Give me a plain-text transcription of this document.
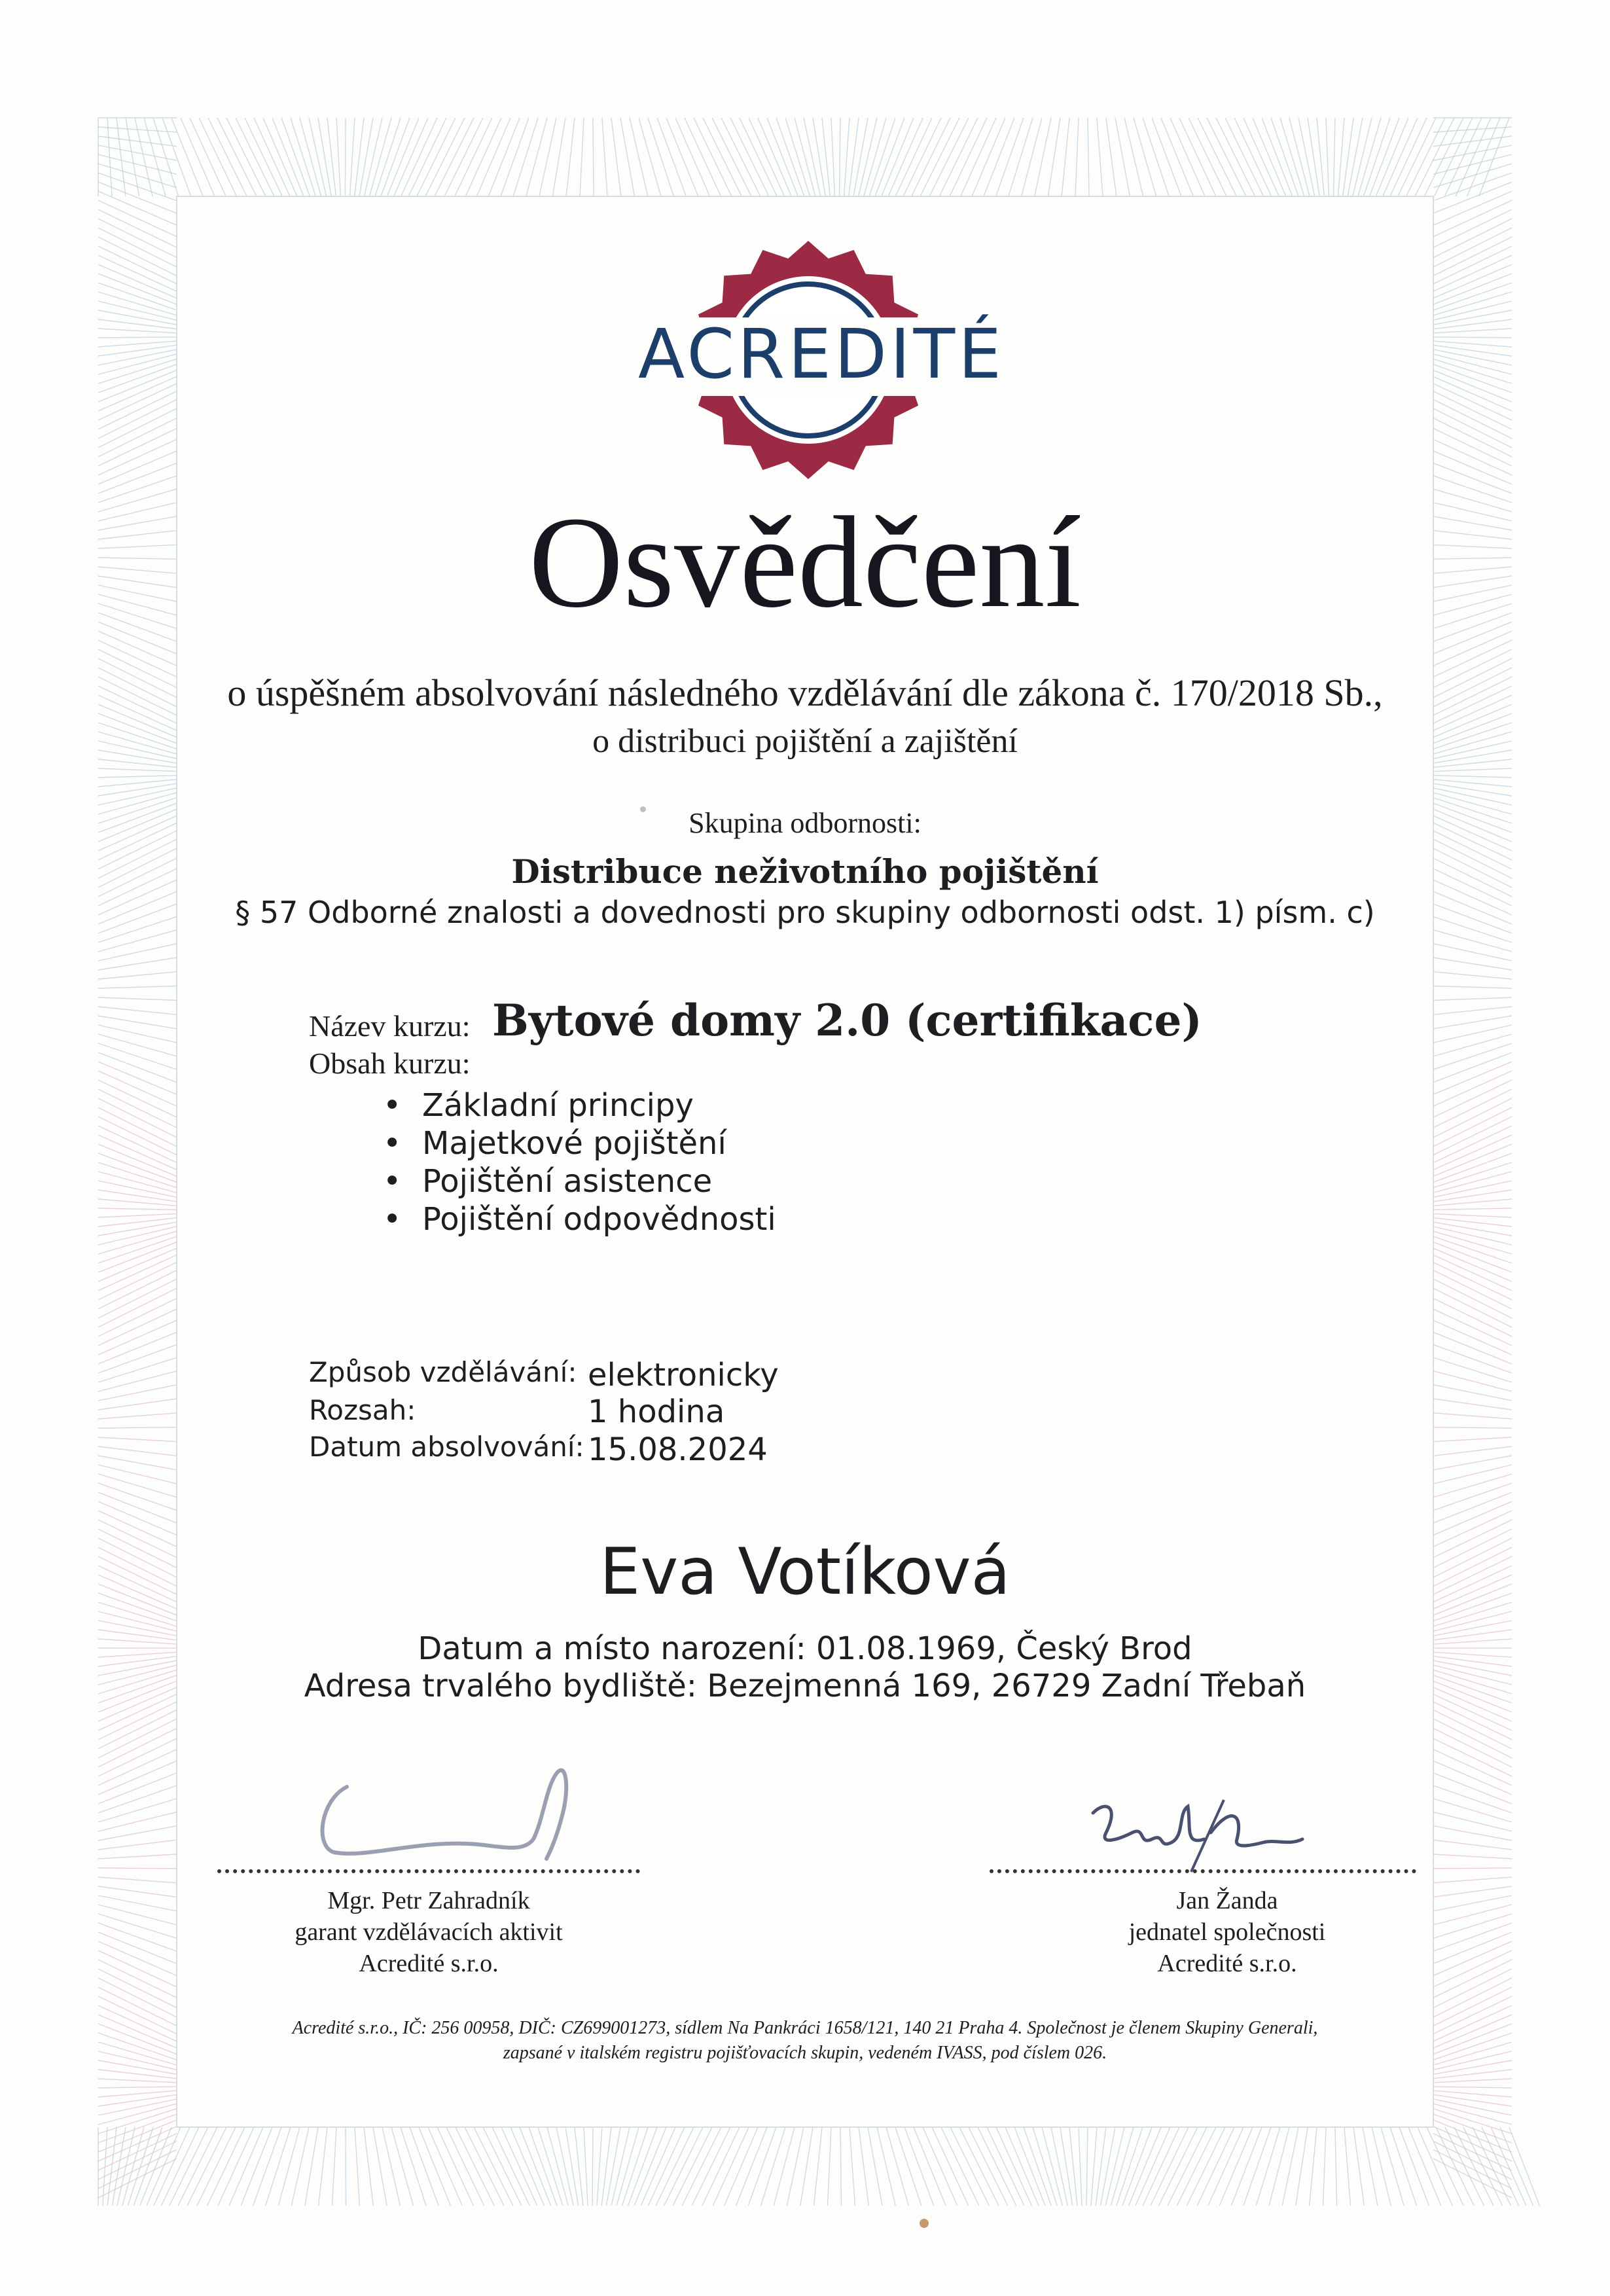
ACREDITÉ
Osvědčení
o úspěšném absolvování následného vzdělávání dle zákona č. 170/2018 Sb.,
o distribuci pojištění a zajištění
Skupina odbornosti:
Distribuce neživotního pojištění
§ 57 Odborné znalosti a dovednosti pro skupiny odbornosti odst. 1) písm. c)
Název kurzu: Bytové domy 2.0 (certifikace)
Obsah kurzu:
• Základní principy
• Majetkové pojištění
• Pojištění asistence
• Pojištění odpovědnosti
Způsob vzdělávání: elektronicky
Rozsah:	1 hodina
Datum absolvování: 15.08.2024
Eva Votíková
Datum a místo narození: 01.08.1969, Český Brod
Adresa trvalého bydliště: Bezejmenná 169, 26729 Zadní Třebaň
Mgr. Petr Zahradník
garant vzdělávacích aktivit
Acredité s.r.o.
Jan Žanda
jednatel společnosti
Acredité s.r.o.
Acredité s.r.o., IČ: 256 00958, DIČ: CZ699001273, sídlem Na Pankráci 1658/121, 140 21 Praha 4. Společnost je členem Skupiny Generali,
zapsané v italském registru pojišťovacích skupin, vedeném IVASS, pod číslem 026.
